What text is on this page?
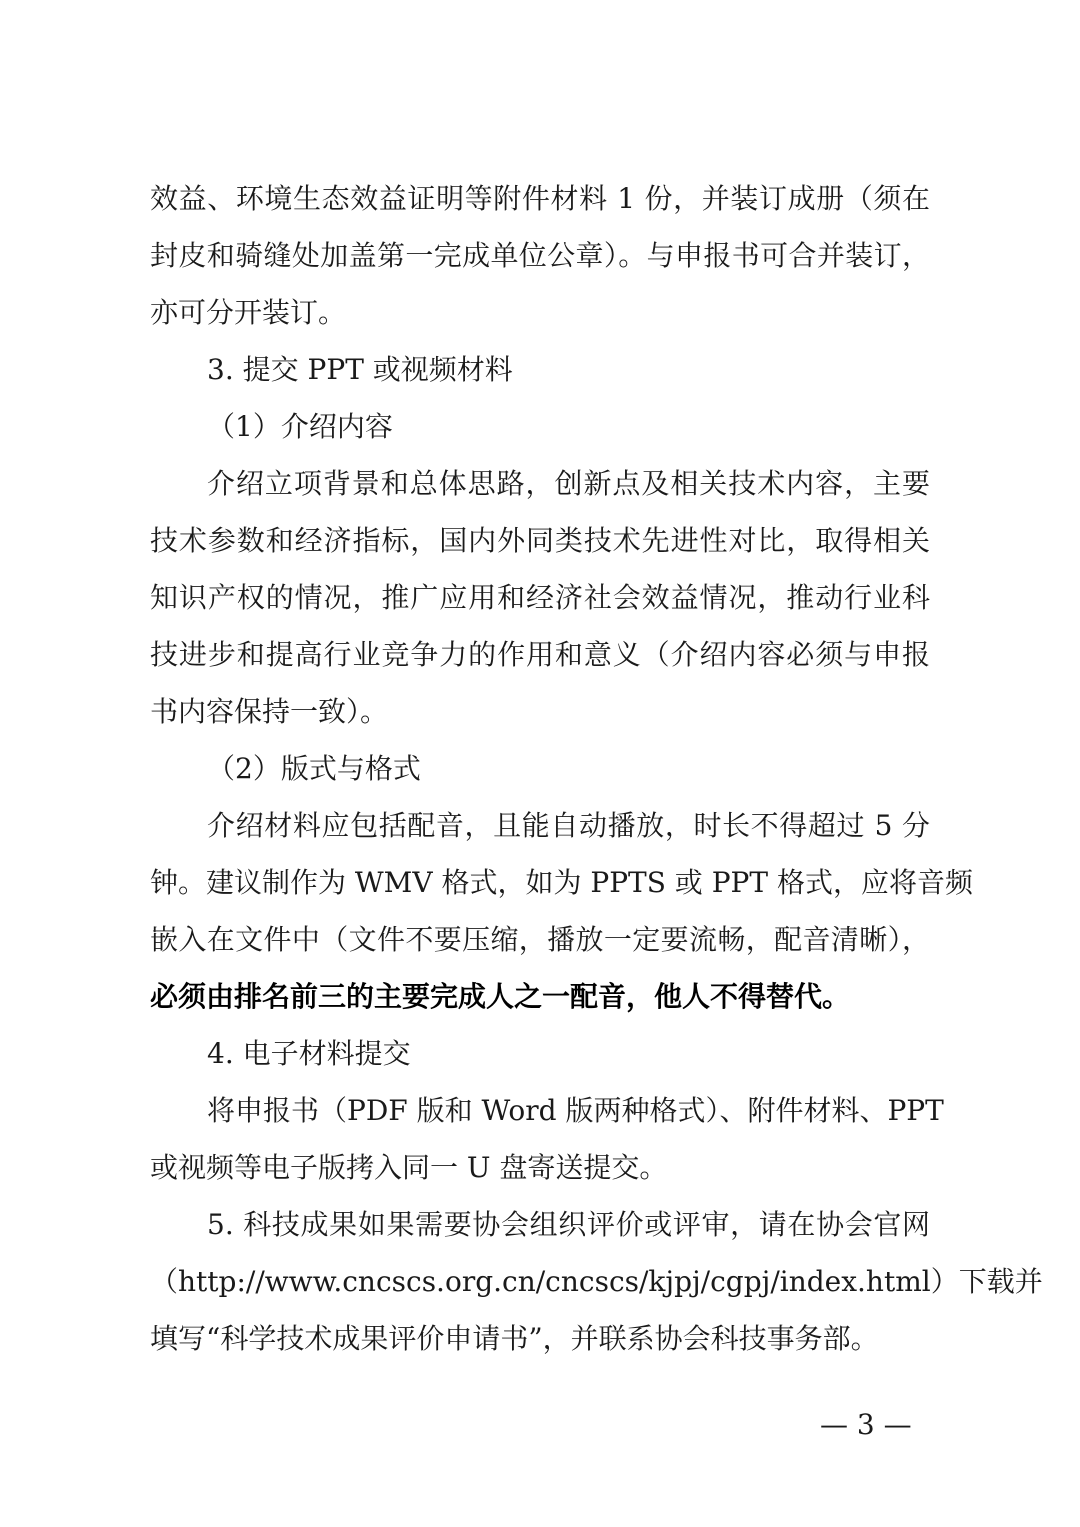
效益、环境生态效益证明等附件材料 1 份，并装订成册（须在
封皮和骑缝处加盖第一完成单位公章）。与申报书可合并装订，
亦可分开装订。
3. 提交 PPT 或视频材料
（1）介绍内容
介绍立项背景和总体思路，创新点及相关技术内容，主要
技术参数和经济指标，国内外同类技术先进性对比，取得相关
知识产权的情况，推广应用和经济社会效益情况，推动行业科
技进步和提高行业竞争力的作用和意义（介绍内容必须与申报
书内容保持一致）。
（2）版式与格式
介绍材料应包括配音，且能自动播放，时长不得超过 5 分
钟。建议制作为 WMV 格式，如为 PPTS 或 PPT 格式，应将音频
嵌入在文件中（文件不要压缩，播放一定要流畅，配音清晰），
必须由排名前三的主要完成人之一配音，他人不得替代。
4. 电子材料提交
将申报书（PDF 版和 Word 版两种格式）、附件材料、PPT
或视频等电子版拷入同一 U 盘寄送提交。
5. 科技成果如果需要协会组织评价或评审，请在协会官网
（http://www.cncscs.org.cn/cncscs/kjpj/cgpj/index.html）下载并
填写“科学技术成果评价申请书”，并联系协会科技事务部。
— 3 —
